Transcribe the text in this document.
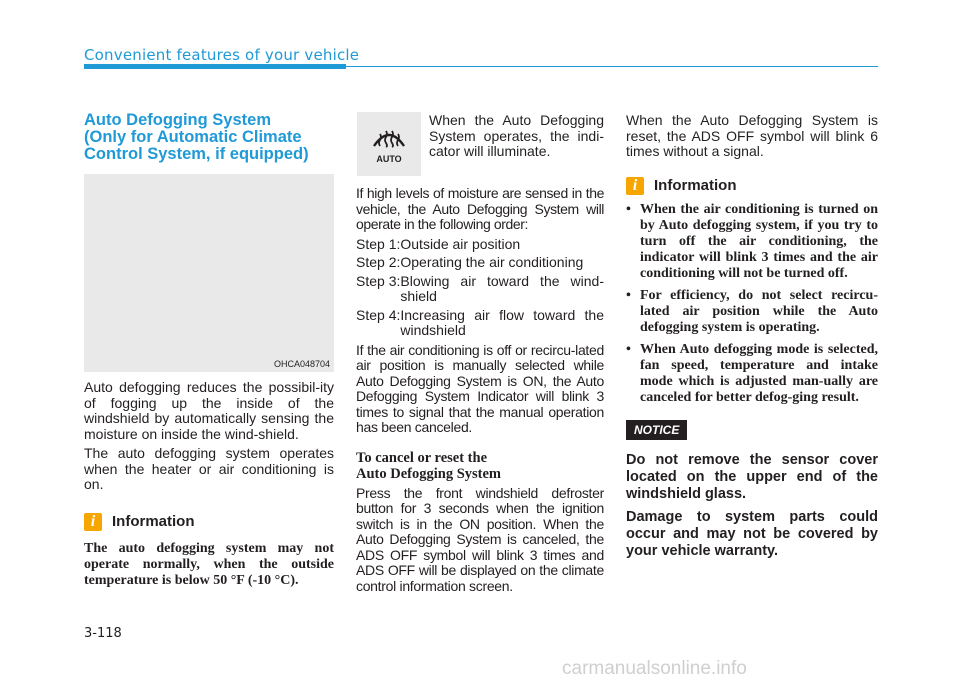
Convenient features of your vehicle
Auto Defogging System
(Only for Automatic Climate
Control System, if equipped)
OHCA048704

Auto defogging reduces the possibil-ity of fogging up the inside of the windshield by automatically sensing the moisture on inside the wind-shield.

The auto defogging system operates when the heater or air conditioning is on.

i	Information

The auto defogging system may not operate normally, when the outside temperature is below 50 °F (-10 °C).

AUTO

When the Auto Defogging System operates, the indi-cator will illuminate.

If high levels of moisture are sensed in the vehicle, the Auto Defogging System will operate in the following order:

Step 1: Outside air position
Step 2: Operating the air conditioning
Step 3: Blowing air toward the wind-shield
Step 4: Increasing air flow toward the windshield

If the air conditioning is off or recircu-lated air position is manually selected while Auto Defogging System is ON, the Auto Defogging System Indicator will blink 3 times to signal that the manual operation has been canceled.

To cancel or reset the
Auto Defogging System

Press the front windshield defroster button for 3 seconds when the ignition switch is in the ON position. When the Auto Defogging System is canceled, the ADS OFF symbol will blink 3 times and ADS OFF will be displayed on the climate control information screen.

When the Auto Defogging System is reset, the ADS OFF symbol will blink 6 times without a signal.

i	Information
• When the air conditioning is turned on by Auto defogging system, if you try to turn off the air conditioning, the indicator will blink 3 times and the air conditioning will not be turned off.
• For efficiency, do not select recircu-lated air position while the Auto defogging system is operating.
• When Auto defogging mode is selected, fan speed, temperature and intake mode which is adjusted man-ually are canceled for better defog-ging result.
NOTICE

Do not remove the sensor cover located on the upper end of the windshield glass.

Damage to system parts could occur and may not be covered by your vehicle warranty.

3-118
carmanualsonline.info
